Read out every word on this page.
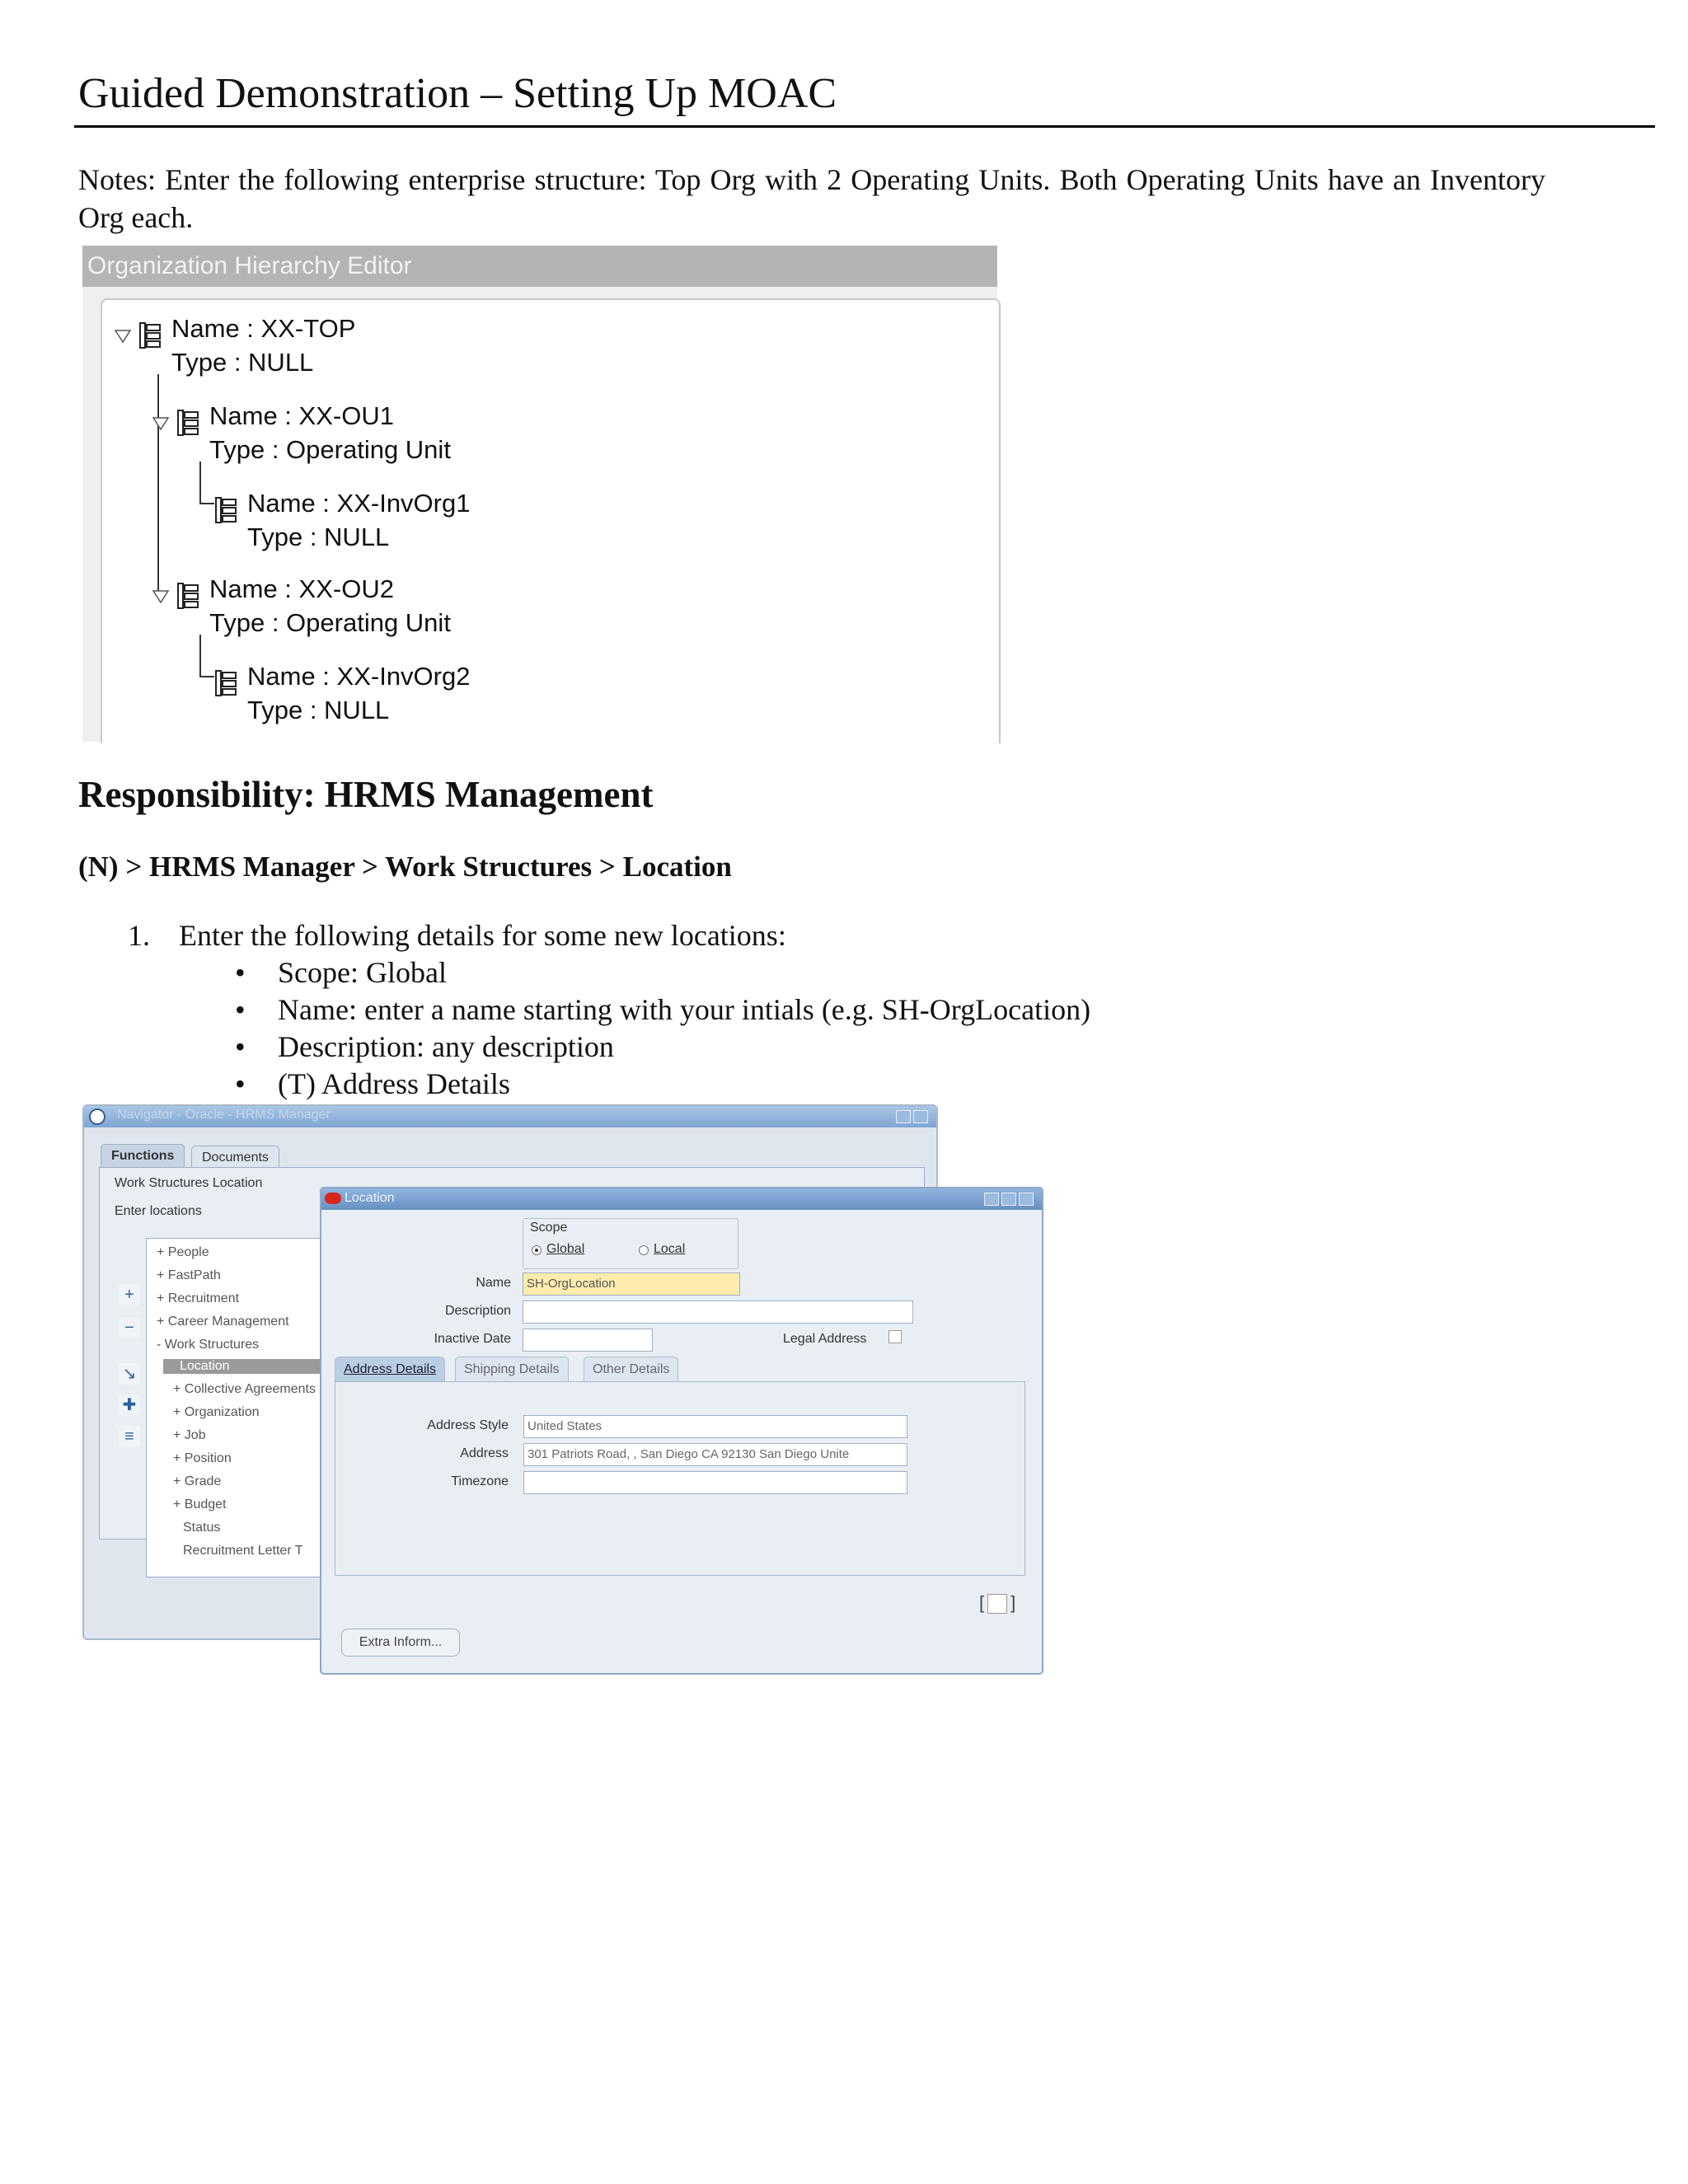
Guided Demonstration – Setting Up MOAC

Notes: Enter the following enterprise structure: Top Org with 2 Operating Units. Both Operating Units have an Inventory Org each.

Organization Hierarchy Editor
Name : XX-TOP
Type : NULL
Name : XX-OU1
Type : Operating Unit
Name : XX-InvOrg1
Type : NULL
Name : XX-OU2
Type : Operating Unit
Name : XX-InvOrg2
Type : NULL
Responsibility: HRMS Management

(N) > HRMS Manager > Work Structures > Location

1. Enter the following details for some new locations:
• Scope: Global
• Name: enter a name starting with your intials (e.g. SH-OrgLocation)
• Description: any description
• (T) Address Details
Navigator - Oracle - HRMS Manager
Functions	Documents
Work Structures Location
Enter locations
+
−
↘
✚
≡
+ People
+ FastPath
+ Recruitment
+ Career Management
- Work Structures
Location
+ Collective Agreements
+ Organization
+ Job
+ Position
+ Grade
+ Budget
Status
Recruitment Letter T
Location
Scope
Global	Local
Name	SH-OrgLocation
Description
Inactive Date	Legal Address
Address Details	Shipping Details	Other Details
Address Style	United States
Address	301 Patriots Road, , San Diego CA 92130 San Diego Unite
Timezone
[ ]
Extra Inform...
